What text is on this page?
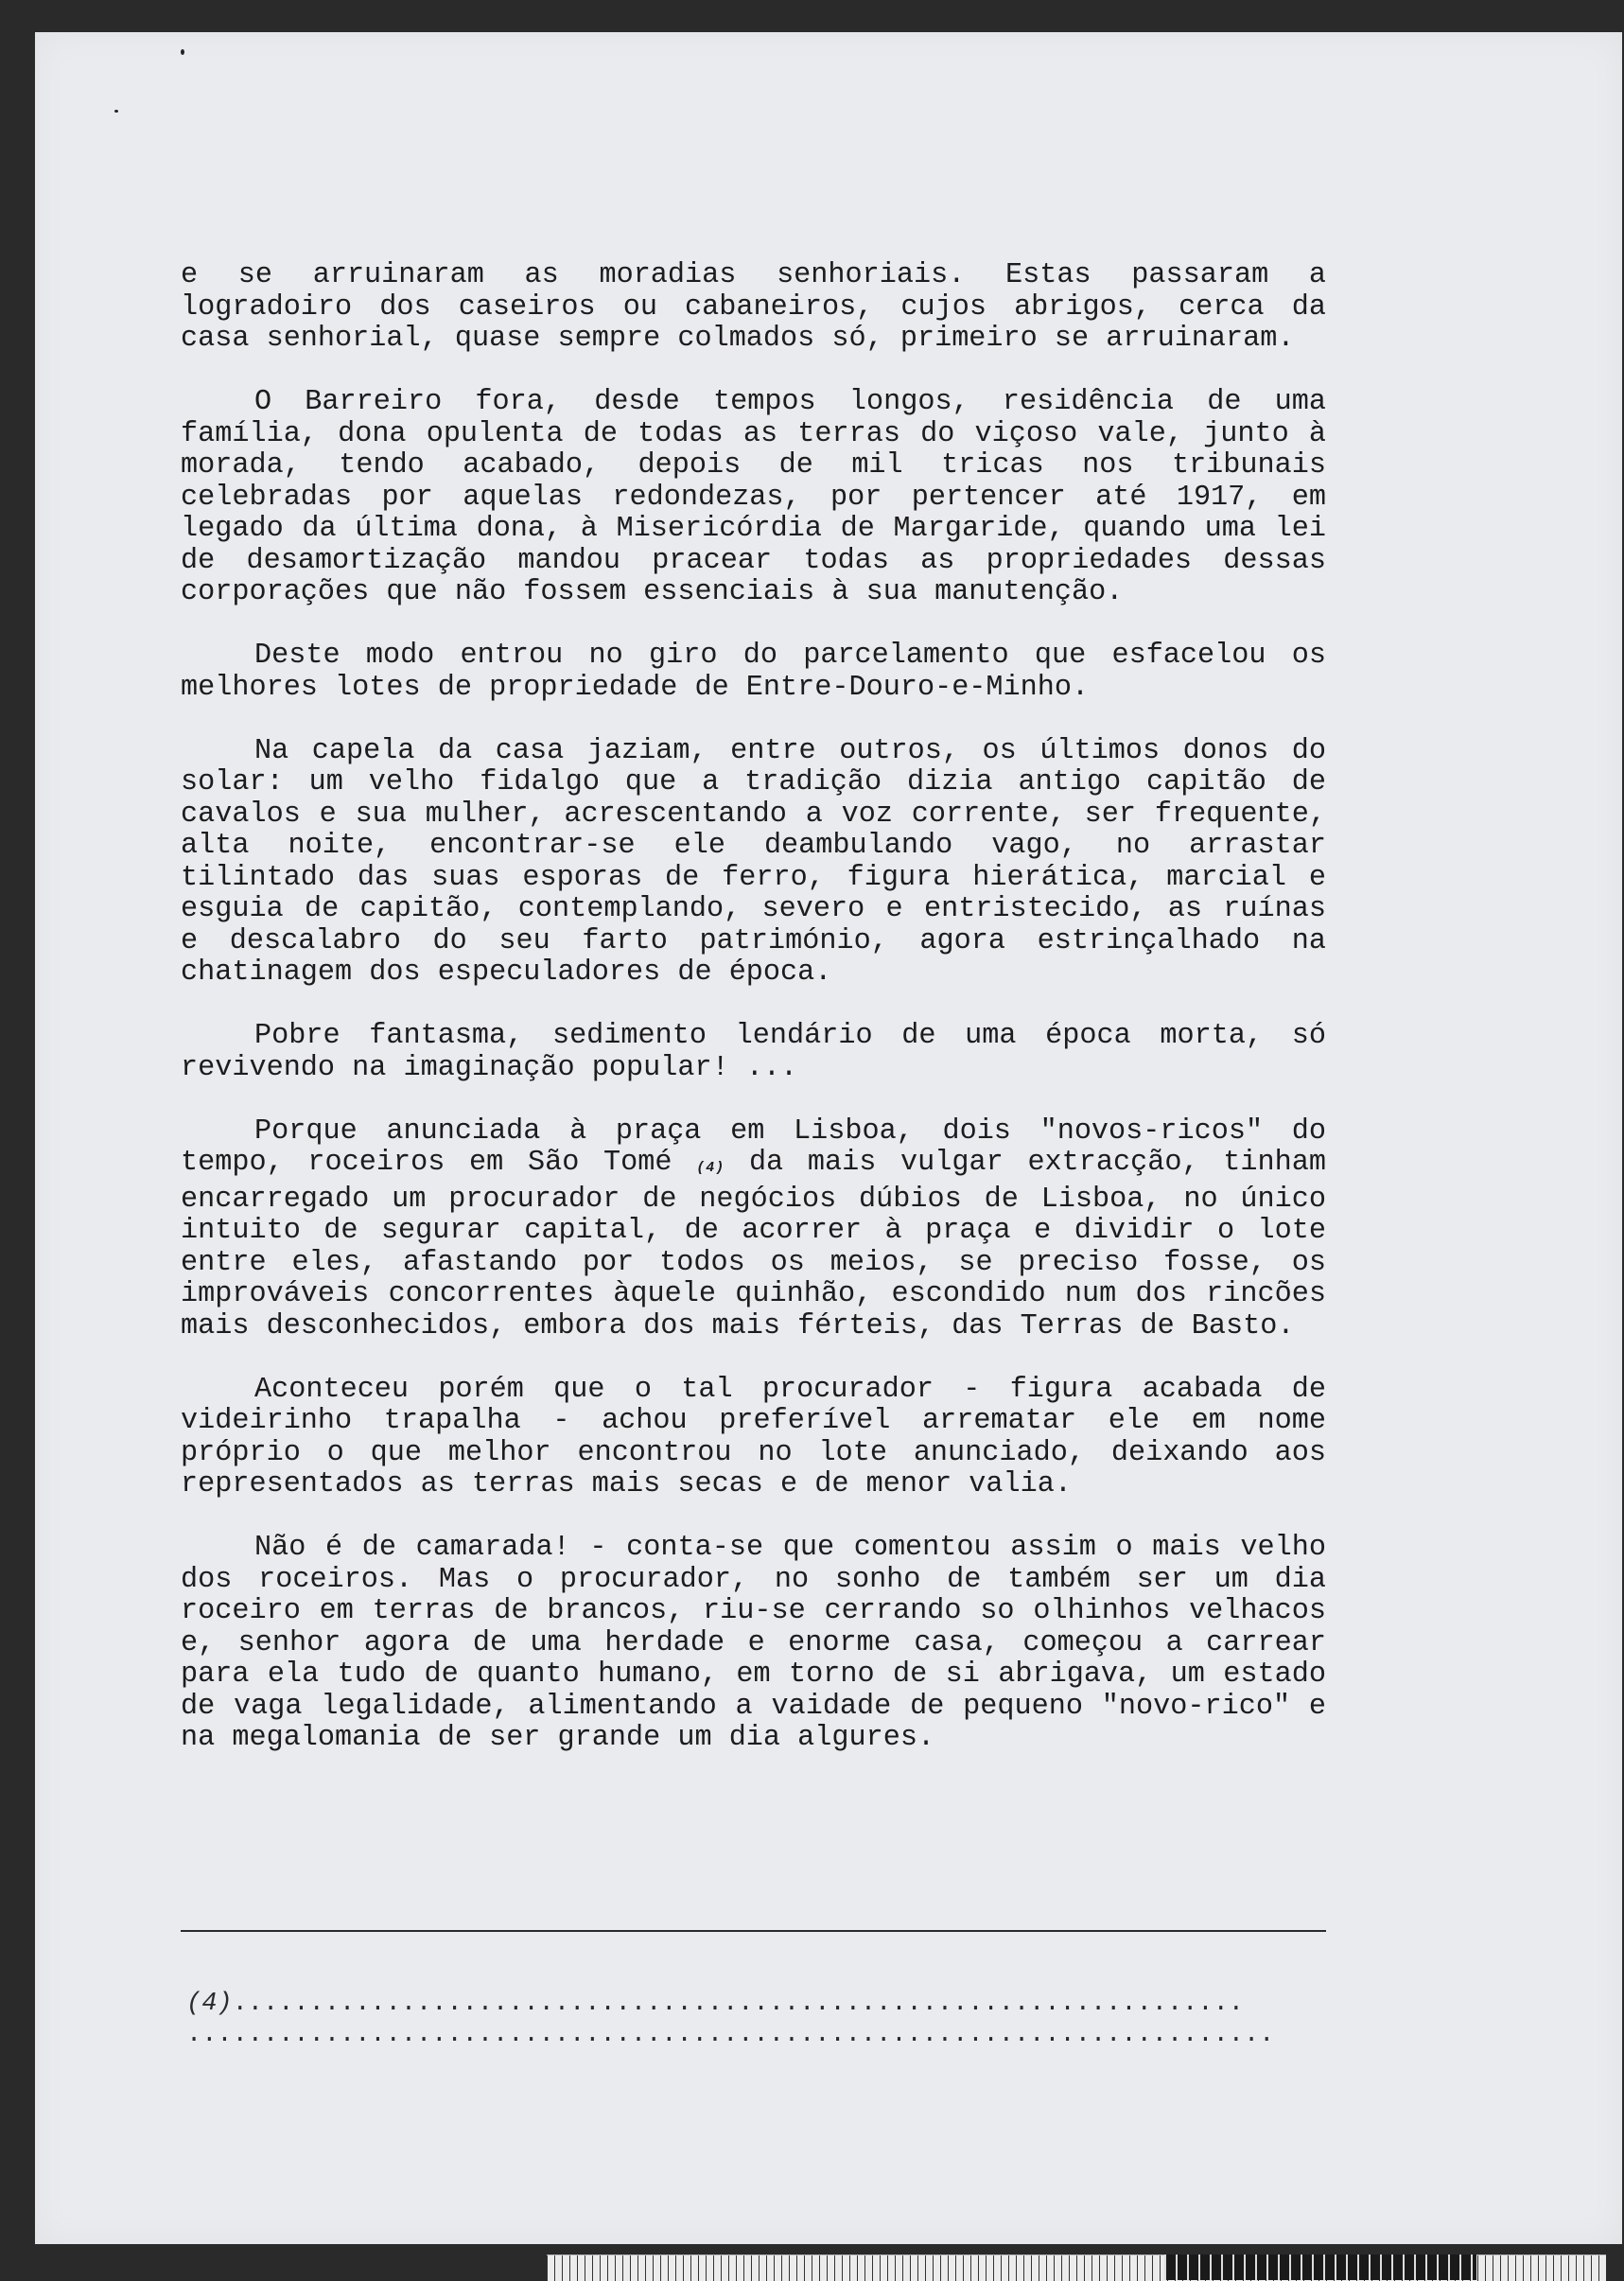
e se arruinaram as moradias senhoriais. Estas passaram a logradoiro dos caseiros ou cabaneiros, cujos abrigos, cerca da casa senhorial, quase sempre colmados só, primeiro se arruinaram.

O Barreiro fora, desde tempos longos, residência de uma família, dona opulenta de todas as terras do viçoso vale, junto à morada, tendo acabado, depois de mil tricas nos tribunais celebradas por aquelas redondezas, por pertencer até 1917, em legado da última dona, à Misericórdia de Margaride, quando uma lei de desamortização mandou pracear todas as propriedades dessas corporações que não fossem essenciais à sua manutenção.

Deste modo entrou no giro do parcelamento que esfacelou os melhores lotes de propriedade de Entre-Douro-e-Minho.

Na capela da casa jaziam, entre outros, os últimos donos do solar: um velho fidalgo que a tradição dizia antigo capitão de cavalos e sua mulher, acrescentando a voz corrente, ser frequente, alta noite, encontrar-se ele deambulando vago, no arrastar tilintado das suas esporas de ferro, figura hierática, marcial e esguia de capitão, contemplando, severo e entristecido, as ruínas e descalabro do seu farto património, agora estrinçalhado na chatinagem dos especuladores de época.

Pobre fantasma, sedimento lendário de uma época morta, só revivendo na imaginação popular! ...

Porque anunciada à praça em Lisboa, dois "novos-ricos" do tempo, roceiros em São Tomé (4) da mais vulgar extracção, tinham encarregado um procurador de negócios dúbios de Lisboa, no único intuito de segurar capital, de acorrer à praça e dividir o lote entre eles, afastando por todos os meios, se preciso fosse, os improváveis concorrentes àquele quinhão, escondido num dos rincões mais desconhecidos, embora dos mais férteis, das Terras de Basto.

Aconteceu porém que o tal procurador - figura acabada de videirinho trapalha - achou preferível arrematar ele em nome próprio o que melhor encontrou no lote anunciado, deixando aos representados as terras mais secas e de menor valia.

Não é de camarada! - conta-se que comentou assim o mais velho dos roceiros. Mas o procurador, no sonho de também ser um dia roceiro em terras de brancos, riu-se cerrando so olhinhos velhacos e, senhor agora de uma herdade e enorme casa, começou a carrear para ela tudo de quanto humano, em torno de si abrigava, um estado de vaga legalidade, alimentando a vaidade de pequeno "novo-rico" e na megalomania de ser grande um dia algures.

(4)..................................................................
.......................................................................
